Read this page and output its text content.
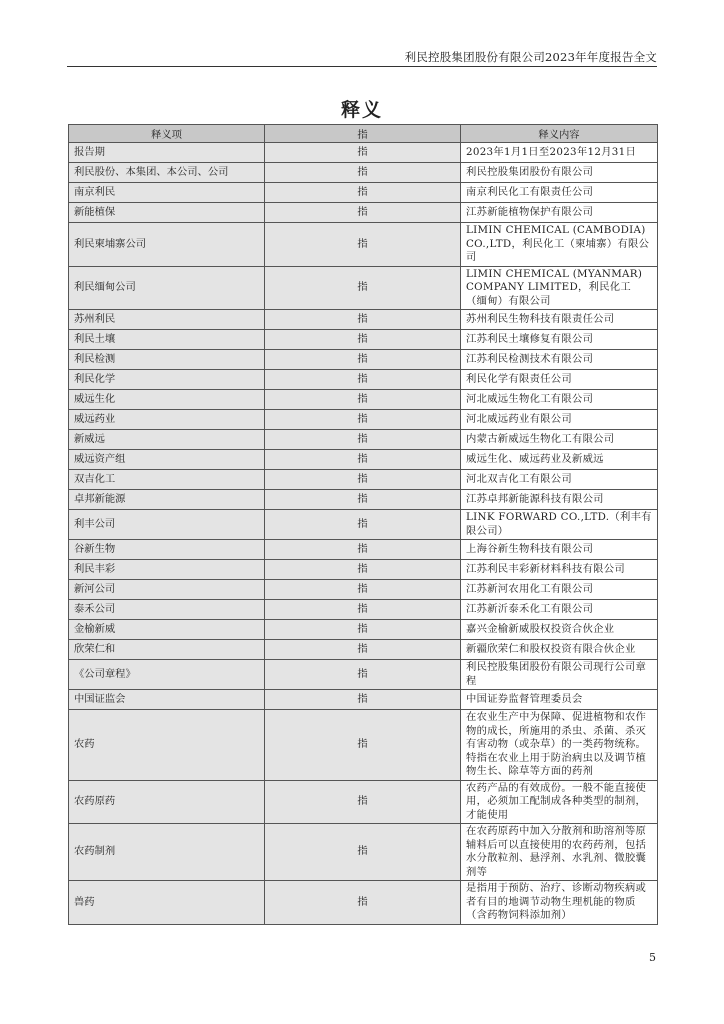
利民控股集团股份有限公司2023年年度报告全文
释义
释义项	指	释义内容
报告期	指	2023年1月1日至2023年12月31日
利民股份、本集团、本公司、公司	指	利民控股集团股份有限公司
南京利民	指	南京利民化工有限责任公司
新能植保	指	江苏新能植物保护有限公司
利民柬埔寨公司	指	LIMIN CHEMICAL (CAMBODIA) CO.,LTD，利民化工（柬埔寨）有限公司
利民缅甸公司	指	LIMIN CHEMICAL (MYANMAR) COMPANY LIMITED，利民化工（缅甸）有限公司
苏州利民	指	苏州利民生物科技有限责任公司
利民土壤	指	江苏利民土壤修复有限公司
利民检测	指	江苏利民检测技术有限公司
利民化学	指	利民化学有限责任公司
威远生化	指	河北威远生物化工有限公司
威远药业	指	河北威远药业有限公司
新威远	指	内蒙古新威远生物化工有限公司
威远资产组	指	威远生化、威远药业及新威远
双吉化工	指	河北双吉化工有限公司
卓邦新能源	指	江苏卓邦新能源科技有限公司
利丰公司	指	LINK FORWARD CO.,LTD.（利丰有限公司）
谷新生物	指	上海谷新生物科技有限公司
利民丰彩	指	江苏利民丰彩新材料科技有限公司
新河公司	指	江苏新河农用化工有限公司
泰禾公司	指	江苏新沂泰禾化工有限公司
金榆新威	指	嘉兴金榆新威股权投资合伙企业
欣荣仁和	指	新疆欣荣仁和股权投资有限合伙企业
《公司章程》	指	利民控股集团股份有限公司现行公司章程
中国证监会	指	中国证券监督管理委员会
农药	指	在农业生产中为保障、促进植物和农作物的成长，所施用的杀虫、杀菌、杀灭有害动物（或杂草）的一类药物统称。特指在农业上用于防治病虫以及调节植物生长、除草等方面的药剂
农药原药	指	农药产品的有效成份。一般不能直接使用，必须加工配制成各种类型的制剂，才能使用
农药制剂	指	在农药原药中加入分散剂和助溶剂等原辅料后可以直接使用的农药药剂，包括水分散粒剂、悬浮剂、水乳剂、微胶囊剂等
兽药	指	是指用于预防、治疗、诊断动物疾病或者有目的地调节动物生理机能的物质（含药物饲料添加剂）
5
